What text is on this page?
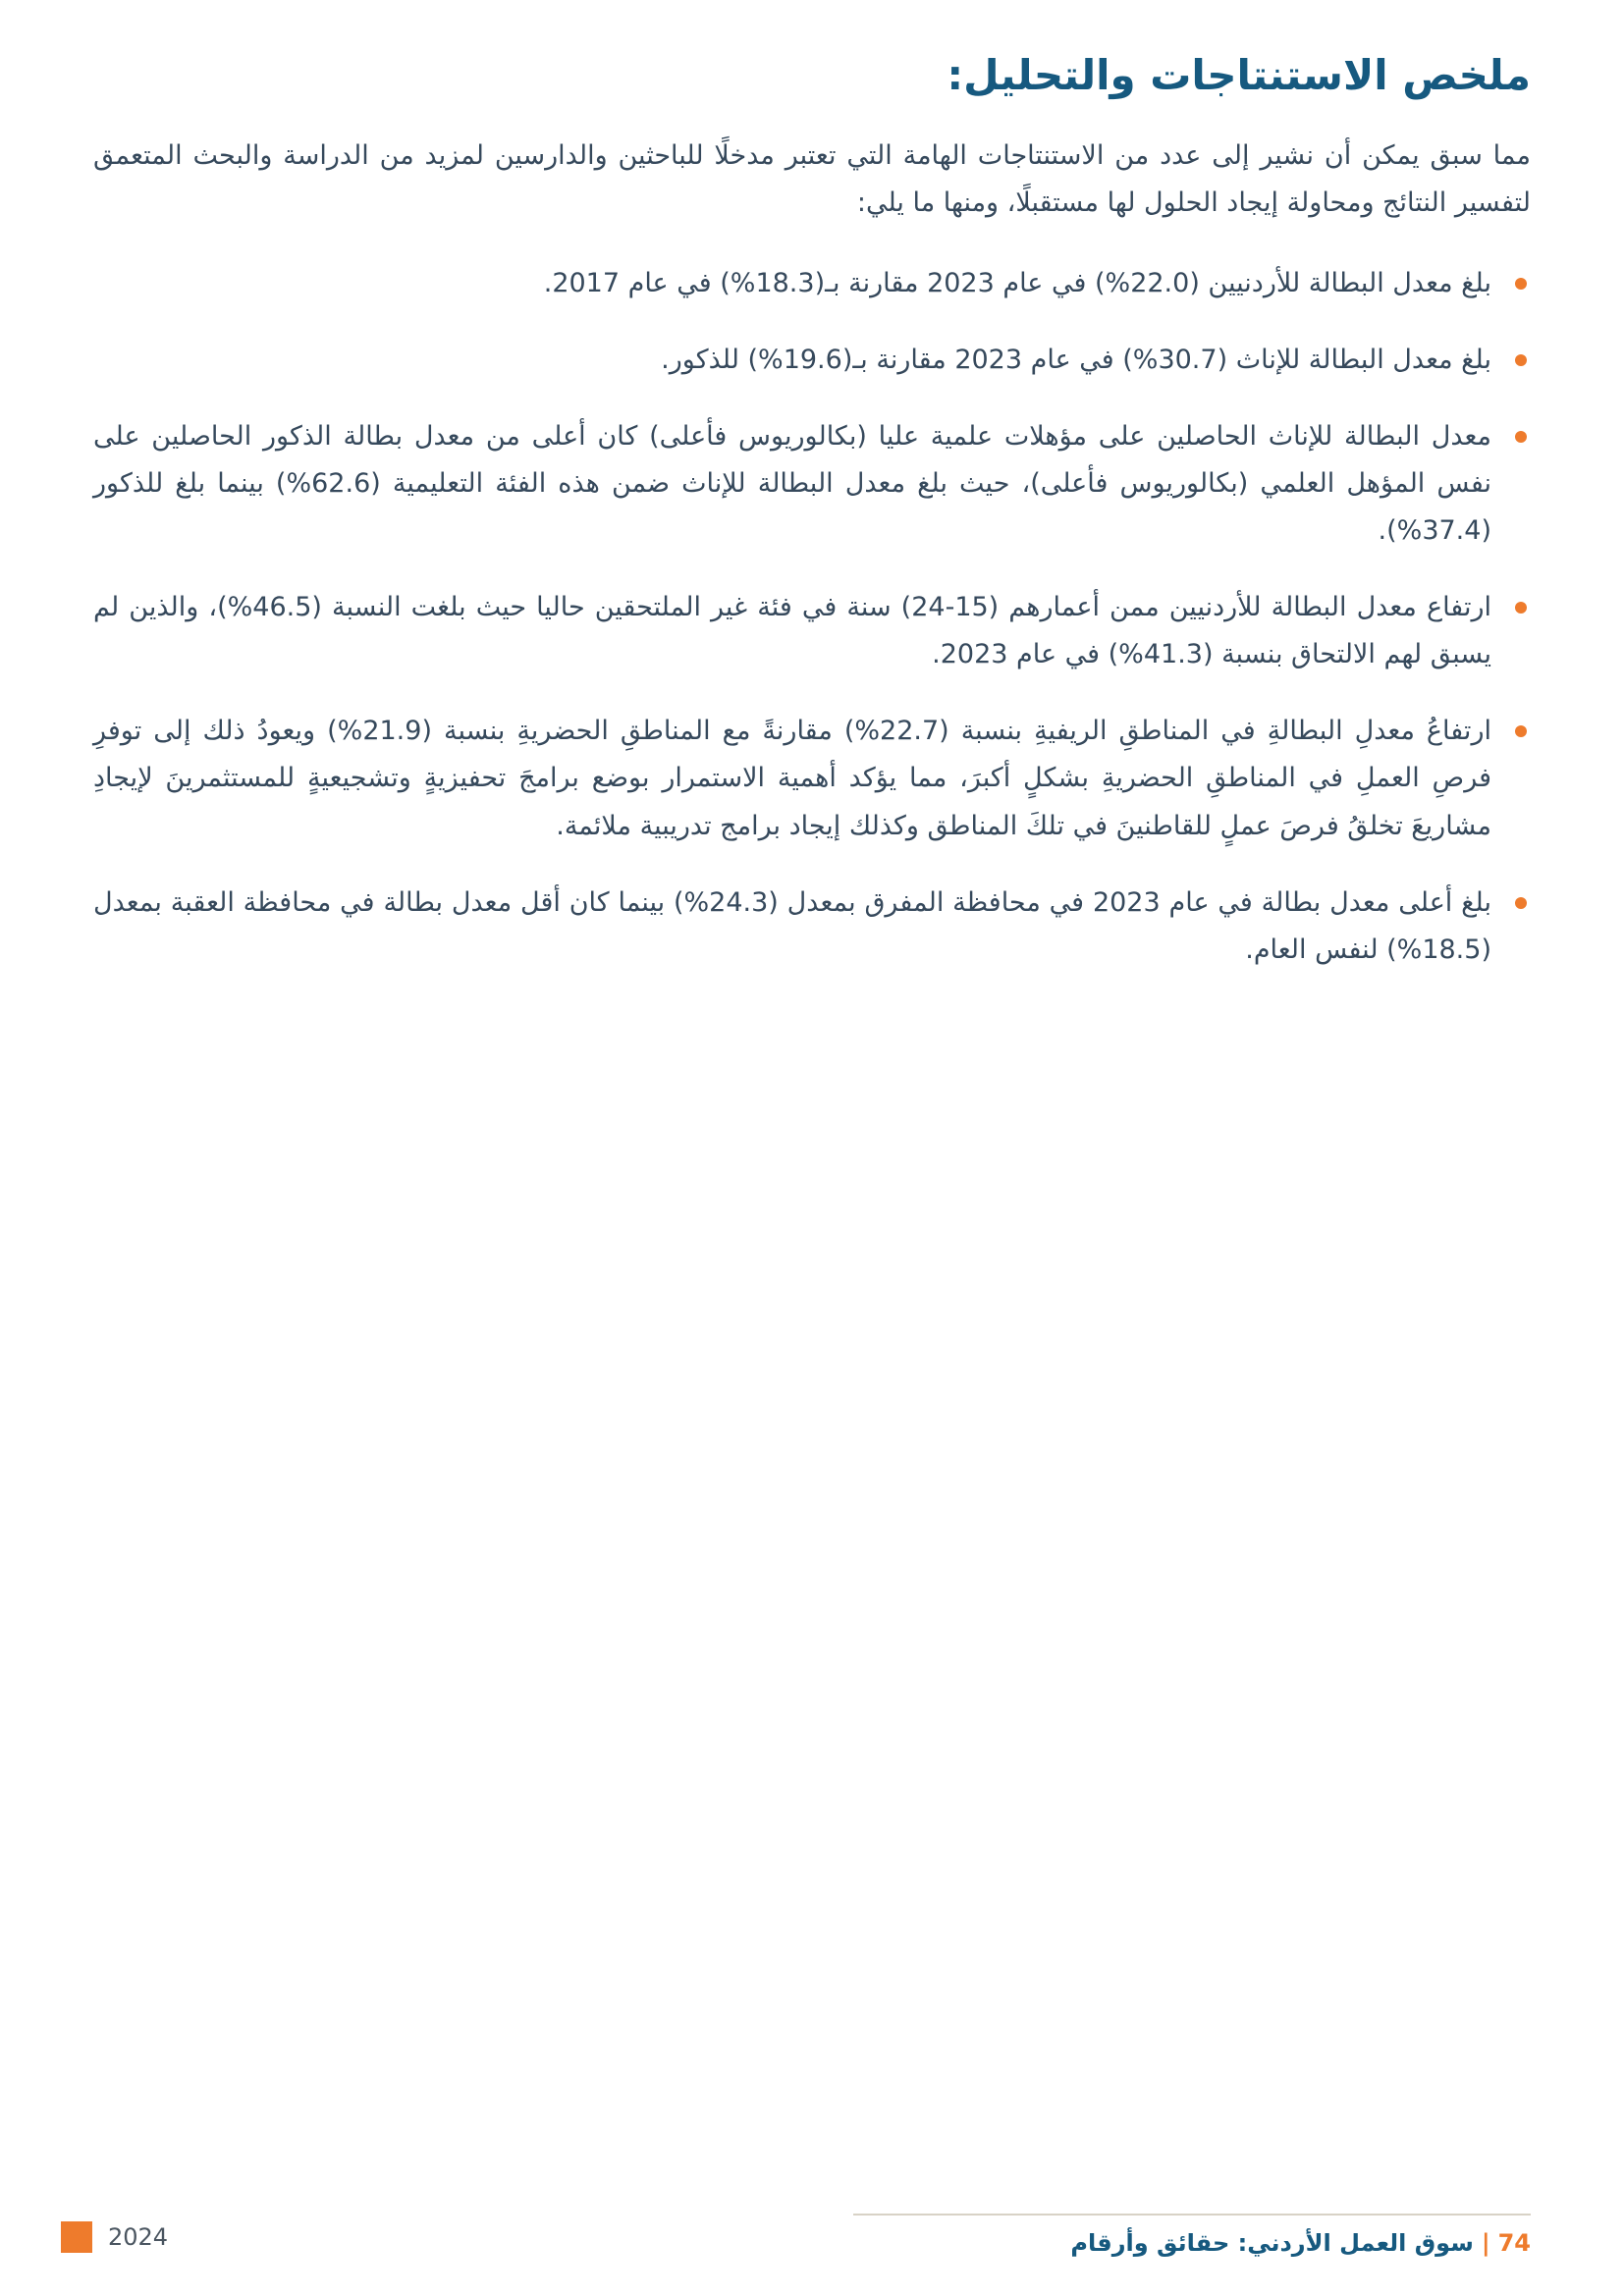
ملخص الاستنتاجات والتحليل:

مما سبق يمكن أن نشير إلى عدد من الاستنتاجات الهامة التي تعتبر مدخلًا للباحثين والدارسين لمزيد من الدراسة والبحث المتعمق لتفسير النتائج ومحاولة إيجاد الحلول لها مستقبلًا، ومنها ما يلي:

بلغ معدل البطالة للأردنيين (22.0%) في عام 2023 مقارنة بـ(18.3%) في عام 2017.
بلغ معدل البطالة للإناث (30.7%) في عام 2023 مقارنة بـ(19.6%) للذكور.
معدل البطالة للإناث الحاصلين على مؤهلات علمية عليا (بكالوريوس فأعلى) كان أعلى من معدل بطالة الذكور الحاصلين على نفس المؤهل العلمي (بكالوريوس فأعلى)، حيث بلغ معدل البطالة للإناث ضمن هذه الفئة التعليمية (62.6%) بينما بلغ للذكور (37.4%).
ارتفاع معدل البطالة للأردنيين ممن أعمارهم (15-24) سنة في فئة غير الملتحقين حاليا حيث بلغت النسبة (46.5%)، والذين لم يسبق لهم الالتحاق بنسبة (41.3%) في عام 2023.
ارتفاعُ معدلِ البطالةِ في المناطقِ الريفيةِ بنسبة (22.7%) مقارنةً مع المناطقِ الحضريةِ بنسبة (21.9%) ويعودُ ذلك إلى توفرِ فرصِ العملِ في المناطقِ الحضريةِ بشكلٍ أكبرَ، مما يؤكد أهمية الاستمرار بوضع برامجَ تحفيزيةٍ وتشجيعيةٍ للمستثمرينَ لإيجادِ مشاريعَ تخلقُ فرصَ عملٍ للقاطنينَ في تلكَ المناطق وكذلك إيجاد برامج تدريبية ملائمة.
بلغ أعلى معدل بطالة في عام 2023 في محافظة المفرق بمعدل (24.3%) بينما كان أقل معدل بطالة في محافظة العقبة بمعدل (18.5%) لنفس العام.
2024	74|سوق العمل الأردني: حقائق وأرقام
